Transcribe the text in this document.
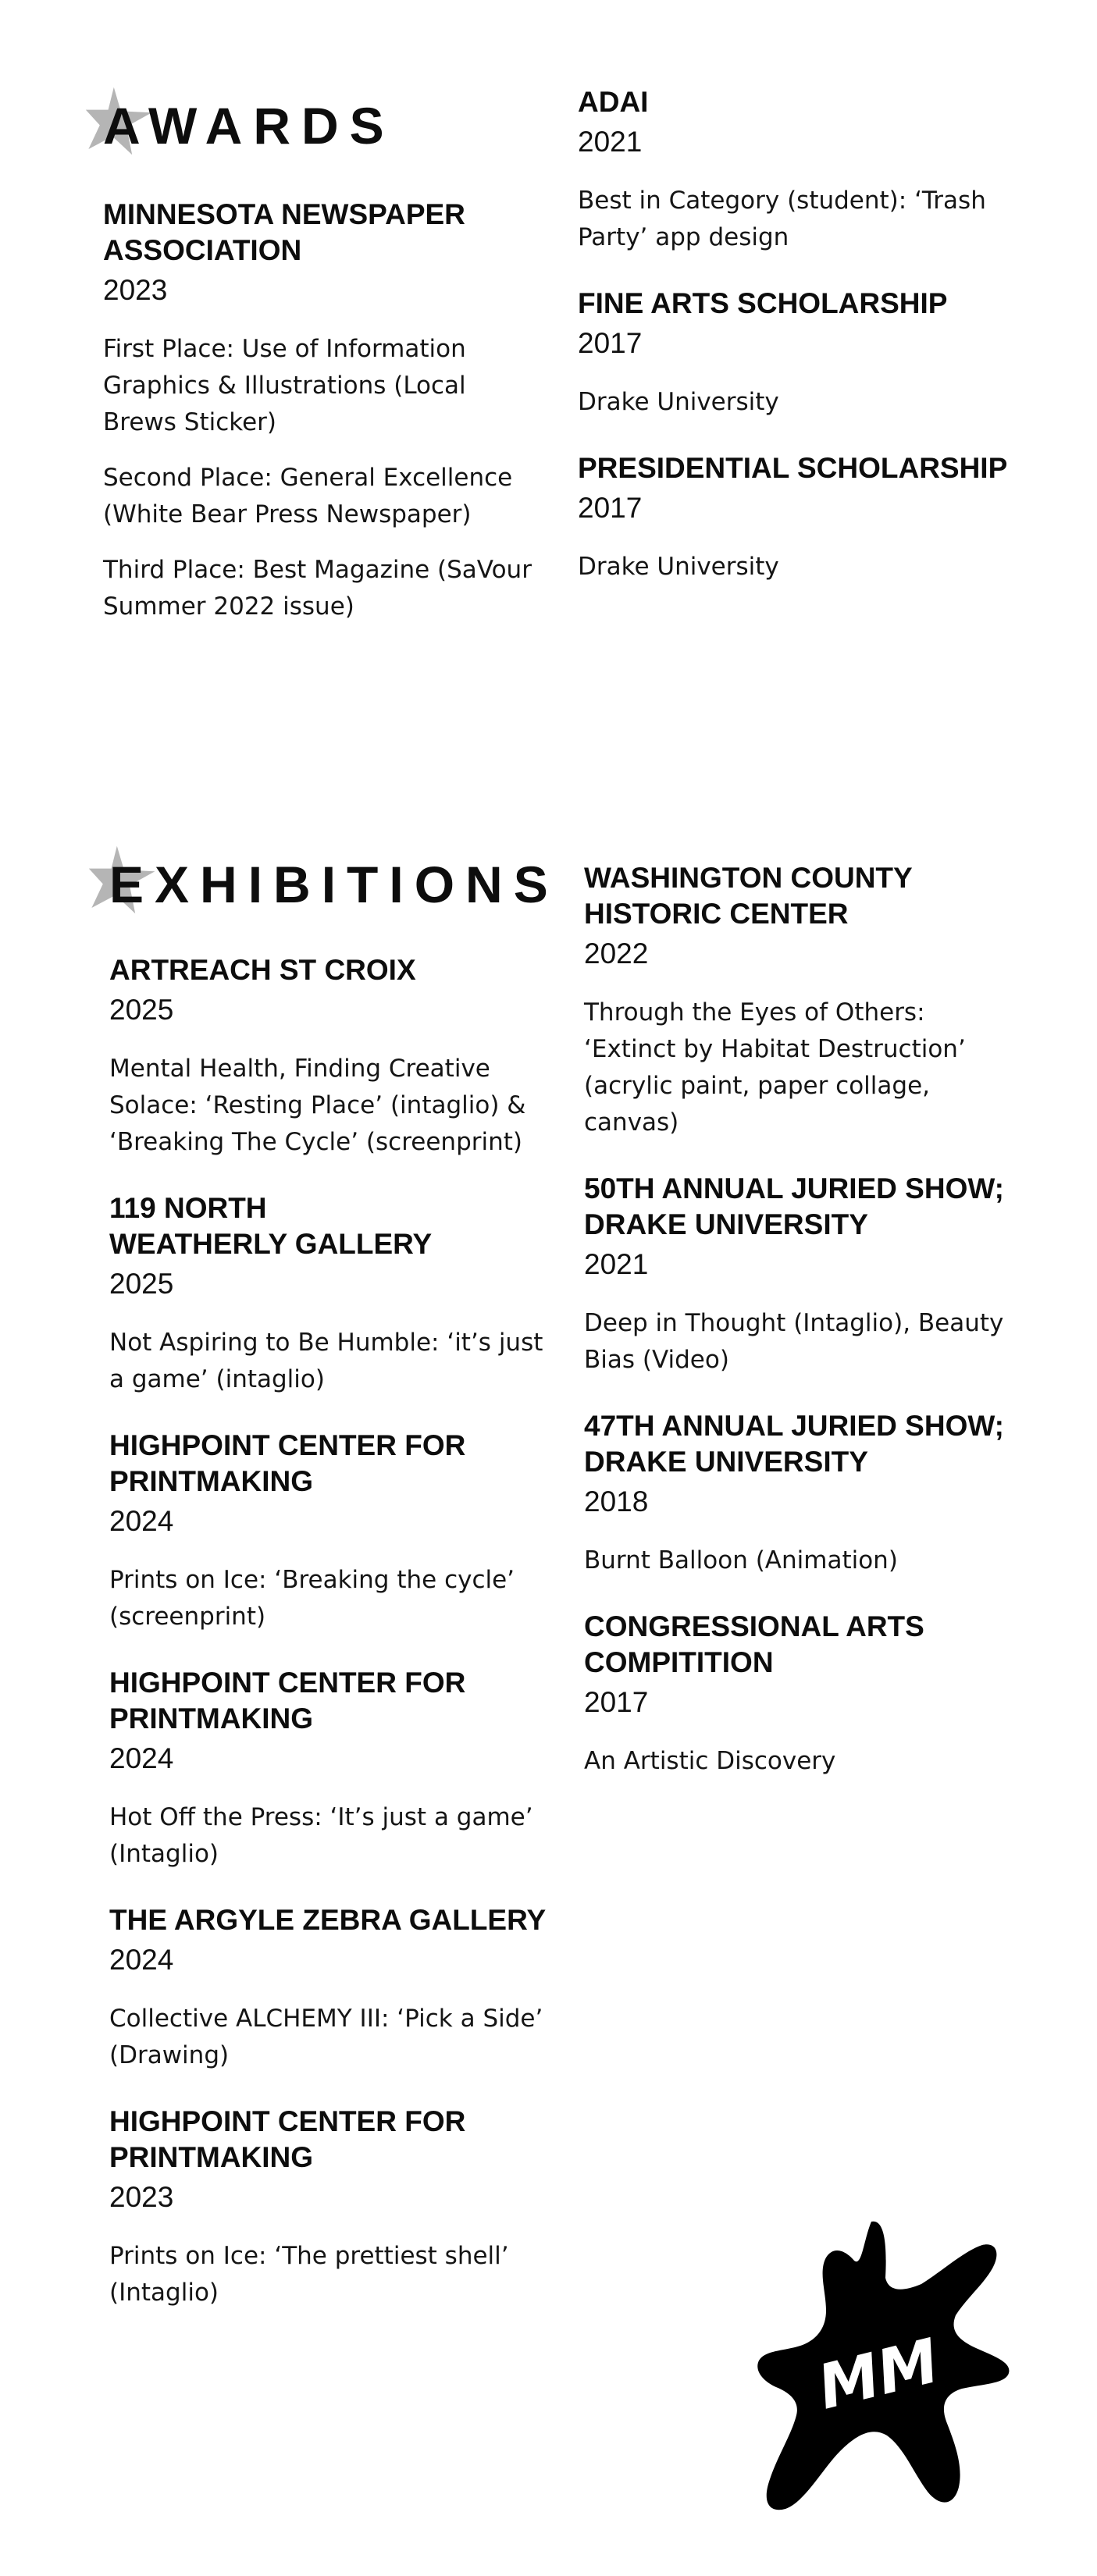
AWARDS
MINNESOTA NEWSPAPER
ASSOCIATION
2023

First Place: Use of Information Graphics & Illustrations (Local Brews Sticker)

Second Place: General Excellence (White Bear Press Newspaper)

Third Place: Best Magazine (SaVour Summer 2022 issue)

ADAI
2021

Best in Category (student): ‘Trash Party’ app design

FINE ARTS SCHOLARSHIP
2017

Drake University

PRESIDENTIAL SCHOLARSHIP
2017

Drake University

EXHIBITIONS
ARTREACH ST CROIX
2025

Mental Health, Finding Creative Solace: ‘Resting Place’ (intaglio) & ‘Breaking The Cycle’ (screenprint)

119 NORTH
WEATHERLY GALLERY
2025

Not Aspiring to Be Humble: ‘it’s just a game’ (intaglio)

HIGHPOINT CENTER FOR
PRINTMAKING
2024

Prints on Ice: ‘Breaking the cycle’ (screenprint)

HIGHPOINT CENTER FOR
PRINTMAKING
2024

Hot Off the Press: ‘It’s just a game’ (Intaglio)

THE ARGYLE ZEBRA GALLERY
2024

Collective ALCHEMY III: ‘Pick a Side’ (Drawing)

HIGHPOINT CENTER FOR
PRINTMAKING
2023

Prints on Ice: ‘The prettiest shell’ (Intaglio)

WASHINGTON COUNTY
HISTORIC CENTER
2022

Through the Eyes of Others: ‘Extinct by Habitat Destruction’ (acrylic paint, paper collage, canvas)

50TH ANNUAL JURIED SHOW;
DRAKE UNIVERSITY
2021

Deep in Thought (Intaglio), Beauty Bias (Video)

47TH ANNUAL JURIED SHOW;
DRAKE UNIVERSITY
2018

Burnt Balloon (Animation)

CONGRESSIONAL ARTS
COMPITITION
2017

An Artistic Discovery

MM
